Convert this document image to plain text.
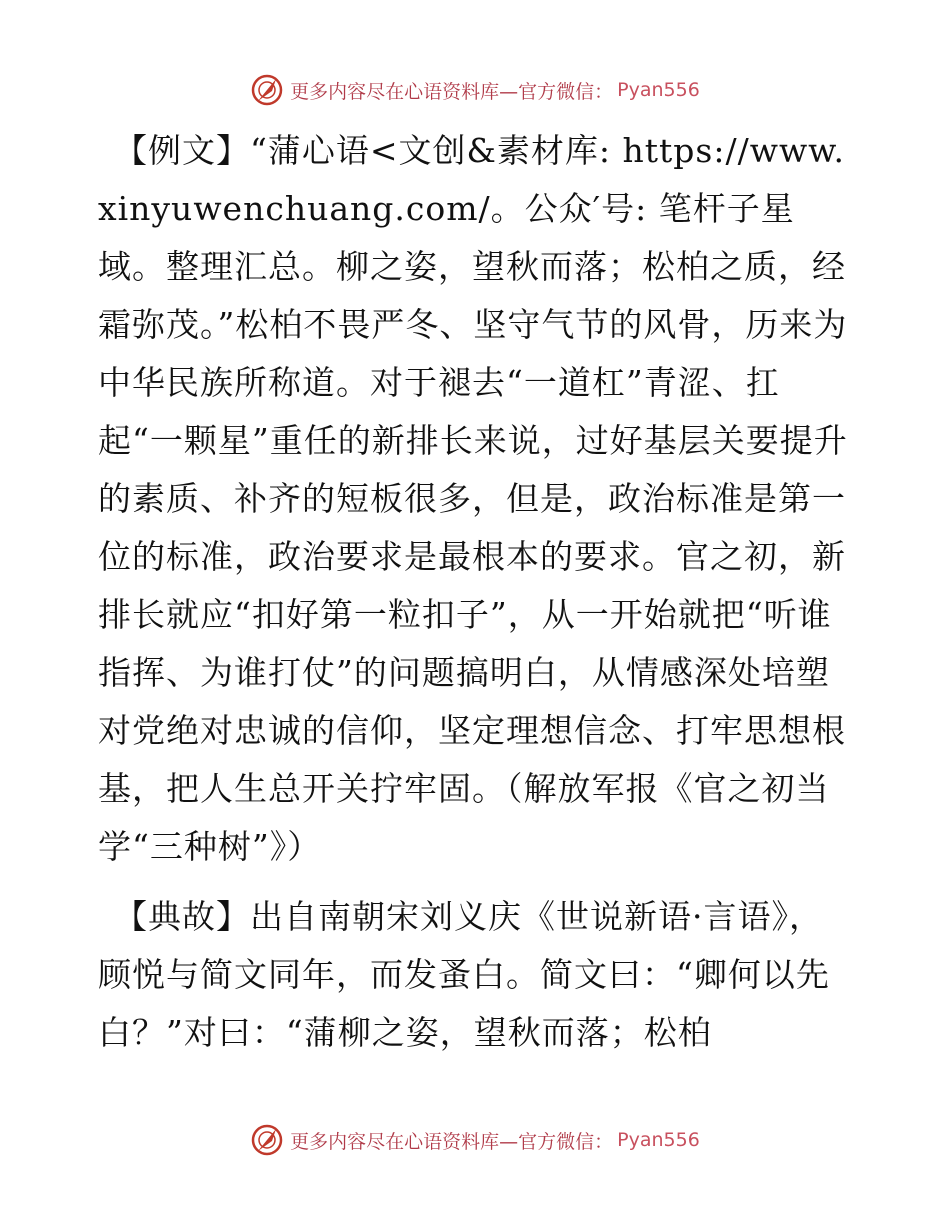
更多内容尽在心语资料库—官方微信： Pyan556

【例文】“蒲心语<文创&素材库: https://www.xinyuwenchuang.com/。公众′号: 笔杆子星域。整理汇总。柳之姿，望秋而落；松柏之质，经霜弥茂。”松柏不畏严冬、坚守气节的风骨，历来为中华民族所称道。对于褪去“一道杠”青涩、扛起“一颗星”重任的新排长来说，过好基层关要提升的素质、补齐的短板很多，但是，政治标准是第一位的标准，政治要求是最根本的要求。官之初，新排长就应“扣好第一粒扣子”，从一开始就把“听谁指挥、为谁打仗”的问题搞明白，从情感深处培塑对党绝对忠诚的信仰，坚定理想信念、打牢思想根基，把人生总开关拧牢固。（解放军报《官之初当学“三种树”》）

【典故】出自南朝宋刘义庆《世说新语·言语》，顾悦与简文同年，而发蚤白。简文曰：“卿何以先白？”对曰：“蒲柳之姿，望秋而落；松柏

更多内容尽在心语资料库—官方微信： Pyan556
